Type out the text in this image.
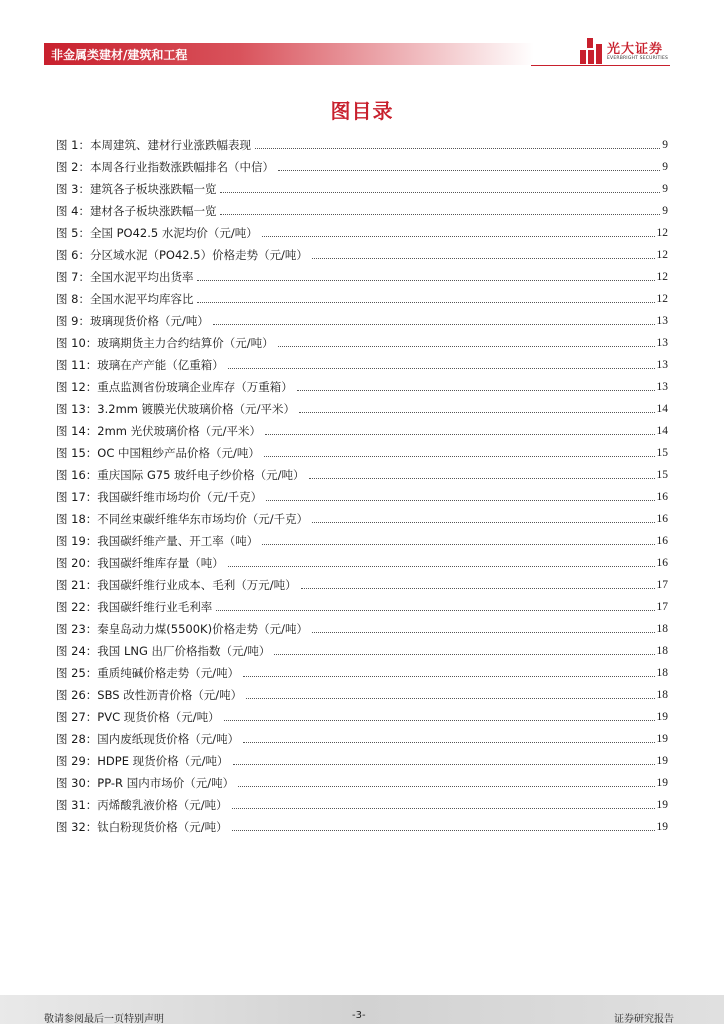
非金属类建材/建筑和工程	光大证券
EVERBRIGHT SECURITIES
图目录
图 1：本周建筑、建材行业涨跌幅表现	9
图 2：本周各行业指数涨跌幅排名（中信）	9
图 3：建筑各子板块涨跌幅一览	9
图 4：建材各子板块涨跌幅一览	9
图 5：全国 PO42.5 水泥均价（元/吨）	12
图 6：分区域水泥（PO42.5）价格走势（元/吨）	12
图 7：全国水泥平均出货率	12
图 8：全国水泥平均库容比	12
图 9：玻璃现货价格（元/吨）	13
图 10：玻璃期货主力合约结算价（元/吨）	13
图 11：玻璃在产产能（亿重箱）	13
图 12：重点监测省份玻璃企业库存（万重箱）	13
图 13：3.2mm 镀膜光伏玻璃价格（元/平米）	14
图 14：2mm 光伏玻璃价格（元/平米）	14
图 15：OC 中国粗纱产品价格（元/吨）	15
图 16：重庆国际 G75 玻纤电子纱价格（元/吨）	15
图 17：我国碳纤维市场均价（元/千克）	16
图 18：不同丝束碳纤维华东市场均价（元/千克）	16
图 19：我国碳纤维产量、开工率（吨）	16
图 20：我国碳纤维库存量（吨）	16
图 21：我国碳纤维行业成本、毛利（万元/吨）	17
图 22：我国碳纤维行业毛利率	17
图 23：秦皇岛动力煤(5500K)价格走势（元/吨）	18
图 24：我国 LNG 出厂价格指数（元/吨）	18
图 25：重质纯碱价格走势（元/吨）	18
图 26：SBS 改性沥青价格（元/吨）	18
图 27：PVC 现货价格（元/吨）	19
图 28：国内废纸现货价格（元/吨）	19
图 29：HDPE 现货价格（元/吨）	19
图 30：PP-R 国内市场价（元/吨）	19
图 31：丙烯酸乳液价格（元/吨）	19
图 32：钛白粉现货价格（元/吨）	19
敬请参阅最后一页特别声明	-3-	证券研究报告
